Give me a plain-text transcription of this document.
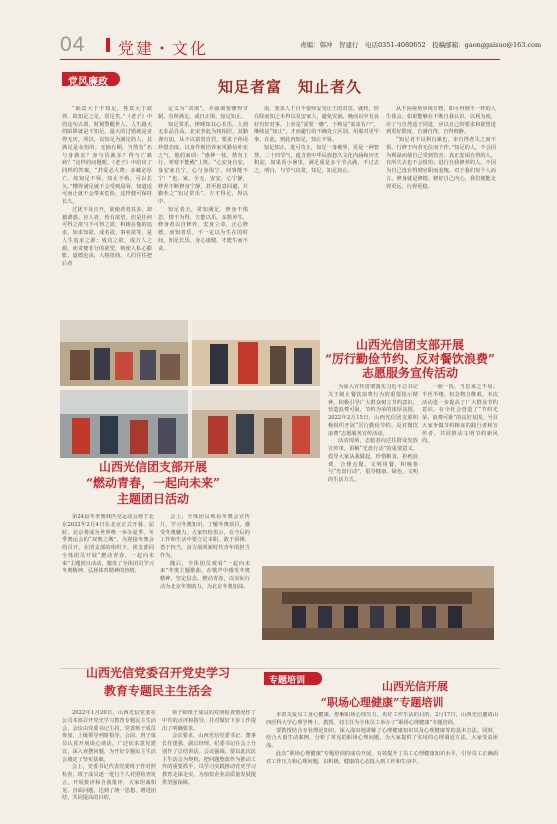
04 党建・文化	责编：韩冲　智建行　电话0351-4080652　投稿邮箱：gaonggaisuo@163.com
党风廉政	知足者富　知止者久

“祸莫大于不知足，咎莫大于欲得，故知足之足，常足矣。”《老子》中的这句古训，时刻警醒世人。人生路大的陷阱就是不知足，最大的过错就是贪得无厌。所以，以知足为满足的人，其满足是永恒的；无恼有期，当然有“名与身孰亲？身与货孰多？得与亡孰病？”这样的问题呢，《老子》中给出了同样的答案，“甚爱必大费；多藏必厚亡，故知足不辱，知止不殆，可以长久。”懂得满足就不会受到屈辱，知道适可而止就不会带来危险，这样便可保持长久。

过犹不及且开，欲使者者其多，却被诱惑。应人者，皆有欲望。但是任何可得之欲与不可得之欲，积极在他的追求，如求知欲、成名欲、事业欲等，是人生追求之源；成功之欲，成万人之源，而贪婪非分的欲望，则使人私心膨胀，道德沦丧，人格扭曲。人们往往把后者

定义为“贪欲”，并强调要懂得节制，有所满足，或曰止境、知足知止。

知足常乐，律睡知其心术乐，人到无求品自高。北宋李此为将相居，其勤谨有加，从不以富贵自居，要求子孙用珍惜态度，以身作则培养家风勤俭朴实之气，他的家训：“惠神一枝，禁勿上行，寒寒不能殿”上班。“心安身自安，身安家自宁，心与身俱宁，何事能不宁！”也，家，全无，安安，心宁静，修养不断修身宁静，甚至愿意回避，并勤朴之“知足常乐”，方才得足，得以中。

知足者天，常知满足，修身不慎思，情不为得，方能以乐。多数养生，修身者以自修养，安身立命，正心修德。而知者乐，不一定以为生在的时间。知足长乐，身心康健，才能生而不贪。

需，要求人于自不要得妥受让王的对害，就终，形在除而知之本得以及安家人，避免灾祸。晚而以中有良好有好对事，上帝是“需要一瞧”，下秋是“需求有户”，继续是“知止”，才而避行的不确处立区别。用那对更牢事。在此，则此内知足，知止不辱。

知足知止，进可攻止，知足一身破界，更是一种智慧。二十四节气，蕴含着中华民族悠久文化内涵和历史积淀，如果看小暑里，满足重是多个节点满，不过去之，明白，与节气出常，知足，知足知止。

从不同视角审视万物，即可得到不一样的人生体会。如果能够在不断自我认识，以利为度，应了与自然适于同进，应以自己的要求和欲望进到更好限度，自满自得，自得则静。

“知足者不以利自累也，审自得者失之而不惧，行修于内者无位而不作。”知足的人，不会因为利禄而使自己受到伤害；真正安闲自得的人，有所失去也不会惧怕；进行自我修养的人，不因为自己没有得到官职而羞愧。对于我们每个人而言，修身就是修德，修好自己内心，我们便能走得更远，行得更稳。

山西光信团支部开展
“厉行勤俭节约、反对餐饮浪费”
志愿服务宣传活动

为深入宣传贯彻落实习近平总书记关于制止餐饮浪费行为的重要指示精神，积极引导广大群众树立节约意识，营造浪费可耻、节约为荣的浓厚氛围。2022年2月15日，山西光信团支部积极组织开展“厉行勤俭节约、反对餐饮浪费”志愿服务宣传活动。

活动现场，志愿者向过往群众发放宣传单，讲解“光盘行动”的重要意义，倡导大家从我做起，珍惜粮食，拒绝浪费，合理点餐，文明用餐，积极参与“光盘行动”，倡导健康、绿色、文明的生活方式。

一粥一饭，当思来之不易；半丝半缕，恒念物力维艰。本次活动进一步提高了广大群众节约意识，在全社会营造了“节约光荣、浪费可耻”的良好氛围，号召大家争做节约粮食的践行者和宣传者，共同推动文明节约新风尚。

山西光信团支部开展
“燃动青春，一起向未来”
主题团日活动

第24届冬季奥林匹克运动会将于北京2022年2月4日在北京正式开幕，届时，北京将成为世界唯一举办夏季、冬季奥运会的“双奥之城”。为迎接冬奥会的召开，在团支部的组织下，团支部同全体团员开展“燃动青春，一起向未来”主题团日活动，激发了全体团员学习冬奥精神、弘扬体育精神的热情。

会上，全体团员观看冬奥会宣传片，学习冬奥知识，了解冬奥项目，感受冬奥魅力。大家纷纷表示，在今后的工作和生活中要立足本职，敢于拼搏，勇于担当，奋力展现新时代青年的担当作为。

随后，全体团员观看“一起向未来”冬奥主题歌曲，在歌声中感受冬奥精神，坚定信念，燃动青春，以实际行动为北京冬奥助力，为北京冬奥加油。

山西光信党委召开党史学习
教育专题民主生活会

2022年1月20日，山西光信党委在公司本部召开党史学习教育专题民主生活会。会议由党委书记主持，党委班子成员参加，上级领导列席指导。会前，班子成员认真开展谈心谈话，广泛征求意见建议，深入查摆问题，为开好专题民主生活会奠定了坚实基础。

会上，党委书记代表党委班子作对照检查，班子成员逐一进行个人对照检查发言，开展批评和自我批评，大家坦诚相见、直面问题，达到了统一思想、增进团结、共同提高的目的。

领子和班子成员的对照检查情况作了中肯的点评和指导，并对做好下步工作提出了明确要求。

会议要求，山西光信党委书记、董事长任建强、副总经理、纪委书记在会上分别作了总结讲话。会议强调，要以此次民主生活会为契机，把问题整改作为推动工作的重要抓手，以学习实践推动党史学习教育走深走实，为加快企业高质量发展提供坚强保障。

专题培训	山西光信开展
“职场心理健康”专题培训

本着关爱员工身心健康、舒解职场心理压力、更好工作生活的目的，2月17日，山西光信邀请山西医科大学心理学博士、教授，刘主任为全体员工举办了“职场心理健康”专题培训。

要教授结合专业理论知识、深入浅出地讲解了心理健康知识以及心理健康等的基本方法。同时，结合大量生动案例，分析了常见的职场心理问题，为大家提供了实用的心理调适方法，大家受益匪浅。

此次“职场心理健康”专题培训的成功开展，有效提升了员工心理健康知识水平，引导员工正确面对工作压力和心理问题，以积极、健康的心态投入到工作和生活中。
